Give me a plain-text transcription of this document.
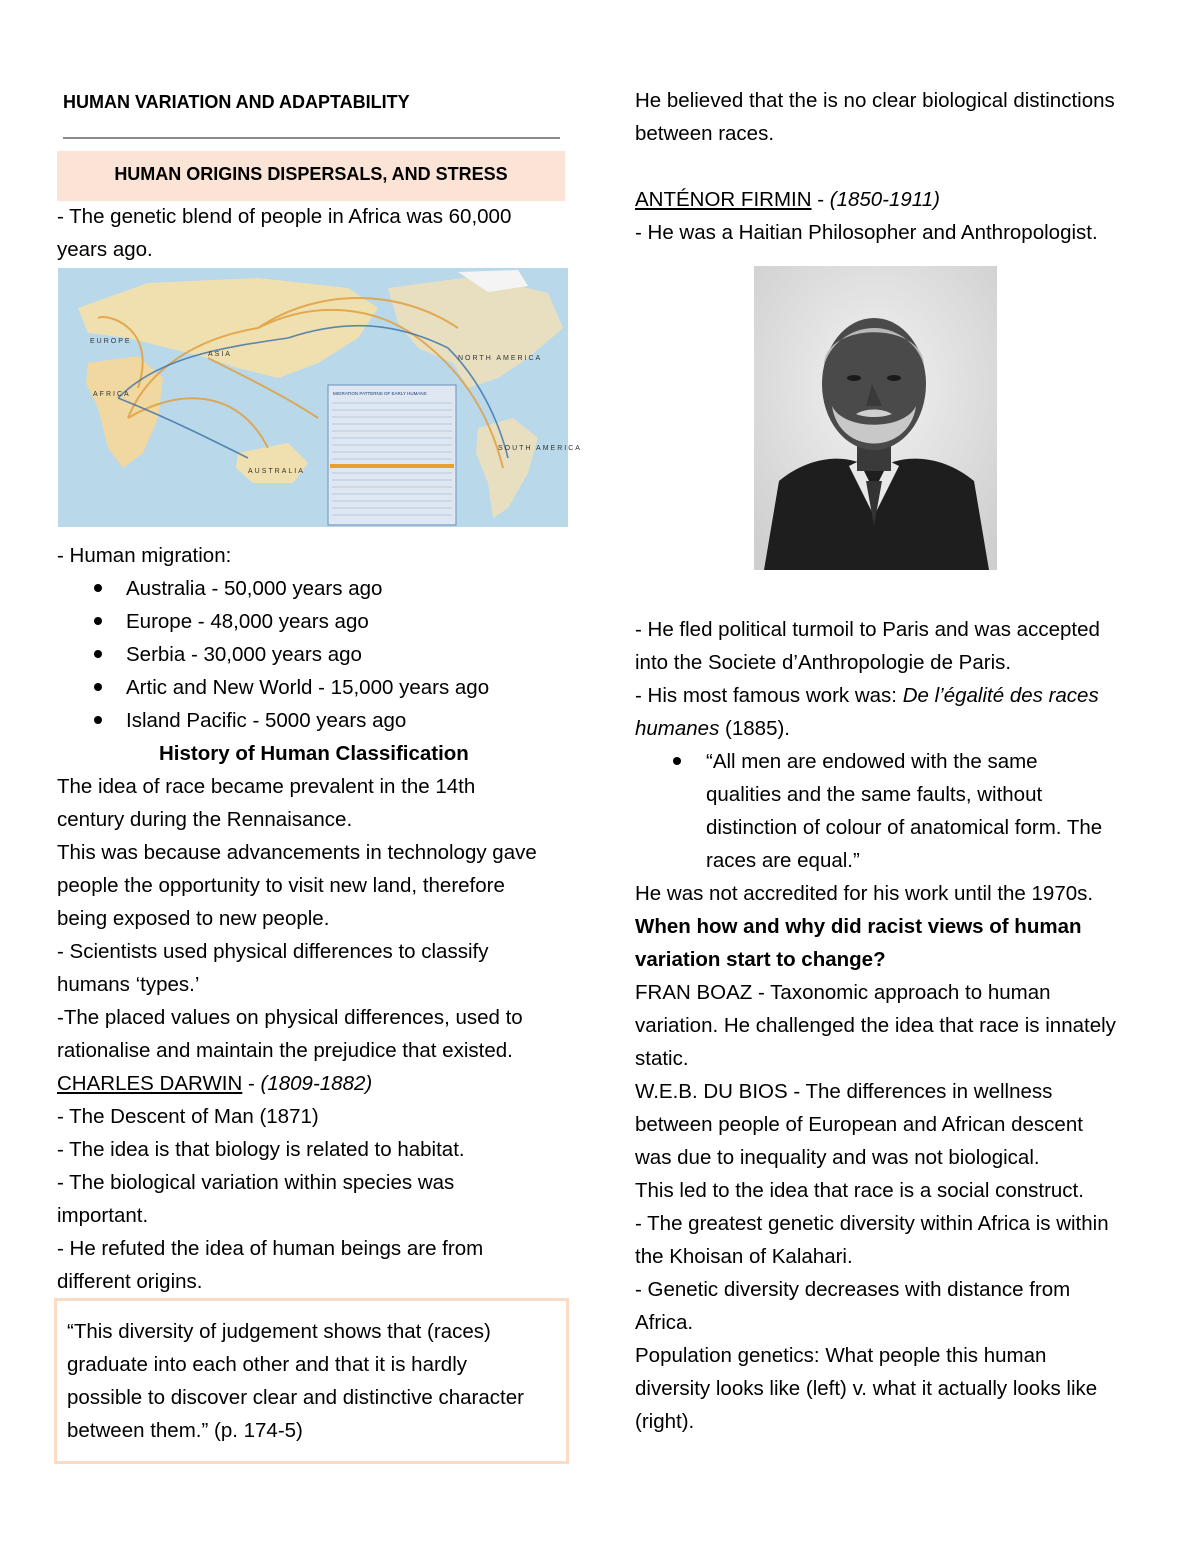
HUMAN VARIATION AND ADAPTABILITY
HUMAN ORIGINS DISPERSALS, AND STRESS
- The genetic blend of people in Africa was 60,000
years ago.
EUROPE
ASIA
AFRICA
AUSTRALIA
NORTH AMERICA
SOUTH AMERICA
MIGRATION PATTERNS OF EARLY HUMANS
- Human migration:
Australia - 50,000 years ago
Europe - 48,000 years ago
Serbia - 30,000 years ago
Artic and New World - 15,000 years ago
Island Pacific - 5000 years ago
History of Human Classification
The idea of race became prevalent in the 14th
century during the Rennaisance.
This was because advancements in technology gave
people the opportunity to visit new land, therefore
being exposed to new people.
- Scientists used physical differences to classify
humans ‘types.’
-The placed values on physical differences, used to
rationalise and maintain the prejudice that existed.
CHARLES DARWIN - (1809-1882)
- The Descent of Man (1871)
- The idea is that biology is related to habitat.
- The biological variation within species was
important.
- He refuted the idea of human beings are from
different origins.
“This diversity of judgement shows that (races)
graduate into each other and that it is hardly
possible to discover clear and distinctive character
between them.” (p. 174-5)
He believed that the is no clear biological distinctions
between races.
ANTÉNOR FIRMIN - (1850-1911)
- He was a Haitian Philosopher and Anthropologist.
- He fled political turmoil to Paris and was accepted
into the Societe d’Anthropologie de Paris.
- His most famous work was: De l’égalité des races
humanes (1885).
“All men are endowed with the same
qualities and the same faults, without
distinction of colour of anatomical form. The
races are equal.”
He was not accredited for his work until the 1970s.
When how and why did racist views of human
variation start to change?
FRAN BOAZ - Taxonomic approach to human
variation. He challenged the idea that race is innately
static.
W.E.B. DU BIOS - The differences in wellness
between people of European and African descent
was due to inequality and was not biological.
This led to the idea that race is a social construct.
- The greatest genetic diversity within Africa is within
the Khoisan of Kalahari.
- Genetic diversity decreases with distance from
Africa.
Population genetics: What people this human
diversity looks like (left) v. what it actually looks like
(right).
